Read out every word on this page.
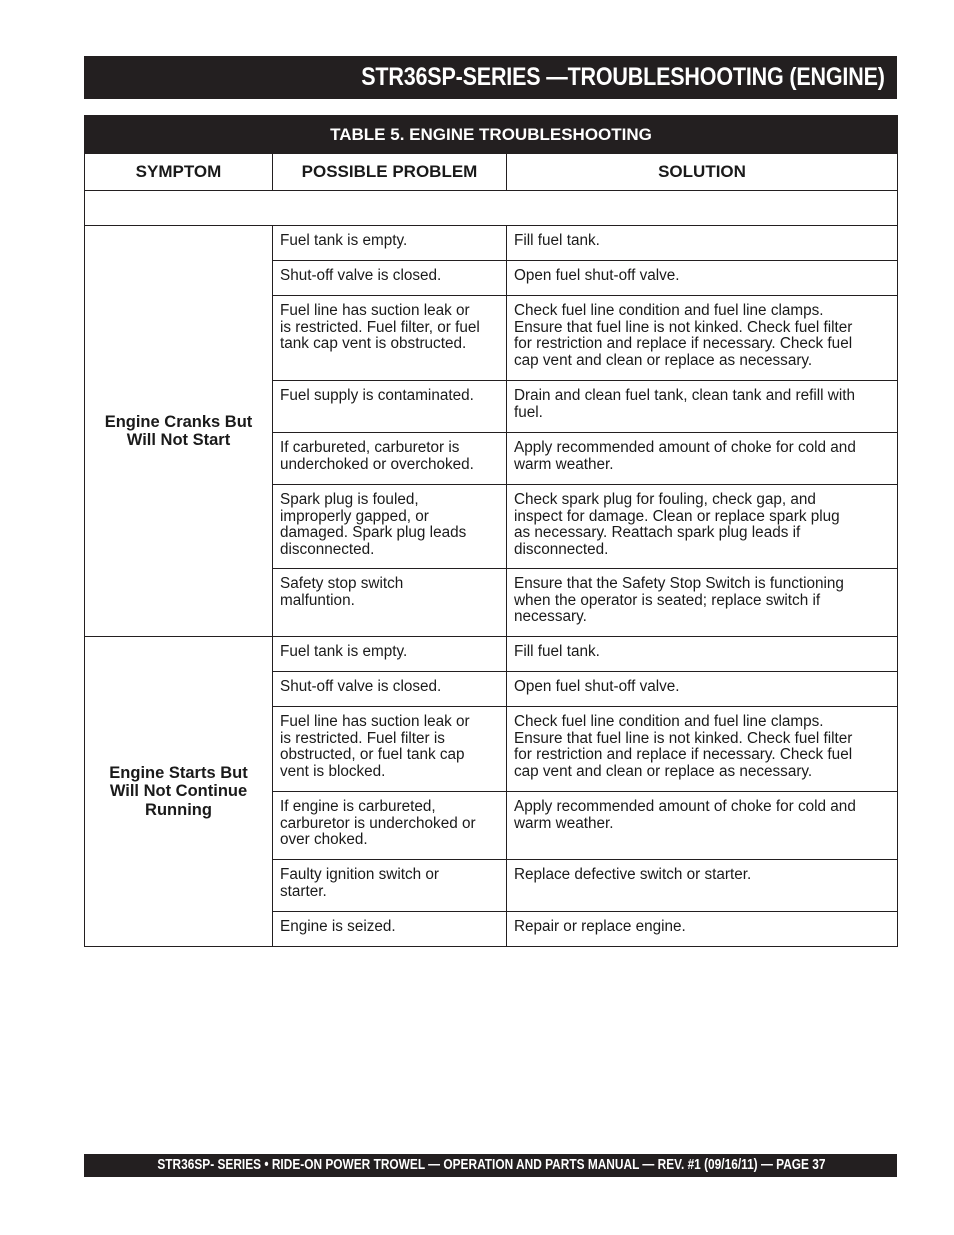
STR36SP-SERIES —TROUBLESHOOTING (ENGINE)
TABLE 5. ENGINE TROUBLESHOOTING		
SYMPTOM	POSSIBLE PROBLEM	SOLUTION

Engine Cranks But
Will Not Start	Fuel tank is empty.	Fill fuel tank.
	Shut-off valve is closed.	Open fuel shut-off valve.
	Fuel line has suction leak or
is restricted. Fuel filter, or fuel
tank cap vent is obstructed.	Check fuel line condition and fuel line clamps.
Ensure that fuel line is not kinked. Check fuel filter
for restriction and replace if necessary. Check fuel
cap vent and clean or replace as necessary.
	Fuel supply is contaminated.	Drain and clean fuel tank, clean tank and refill with
fuel.
	If carbureted, carburetor is
underchoked or overchoked.	Apply recommended amount of choke for cold and
warm weather.
	Spark plug is fouled,
improperly gapped, or
damaged. Spark plug leads
disconnected.	Check spark plug for fouling, check gap, and
inspect for damage. Clean or replace spark plug
as necessary. Reattach spark plug leads if
disconnected.
	Safety stop switch
malfuntion.	Ensure that the Safety Stop Switch is functioning
when the operator is seated; replace switch if
necessary.
Engine Starts But
Will Not Continue
Running	Fuel tank is empty.	Fill fuel tank.
	Shut-off valve is closed.	Open fuel shut-off valve.
	Fuel line has suction leak or
is restricted. Fuel filter is
obstructed, or fuel tank cap
vent is blocked.	Check fuel line condition and fuel line clamps.
Ensure that fuel line is not kinked. Check fuel filter
for restriction and replace if necessary. Check fuel
cap vent and clean or replace as necessary.
	If engine is carbureted,
carburetor is underchoked or
over choked.	Apply recommended amount of choke for cold and
warm weather.
	Faulty ignition switch or
starter.	Replace defective switch or starter.
	Engine is seized.	Repair or replace engine.
STR36SP- SERIES • RIDE-ON POWER TROWEL — OPERATION AND PARTS MANUAL — REV. #1 (09/16/11) — PAGE 37
